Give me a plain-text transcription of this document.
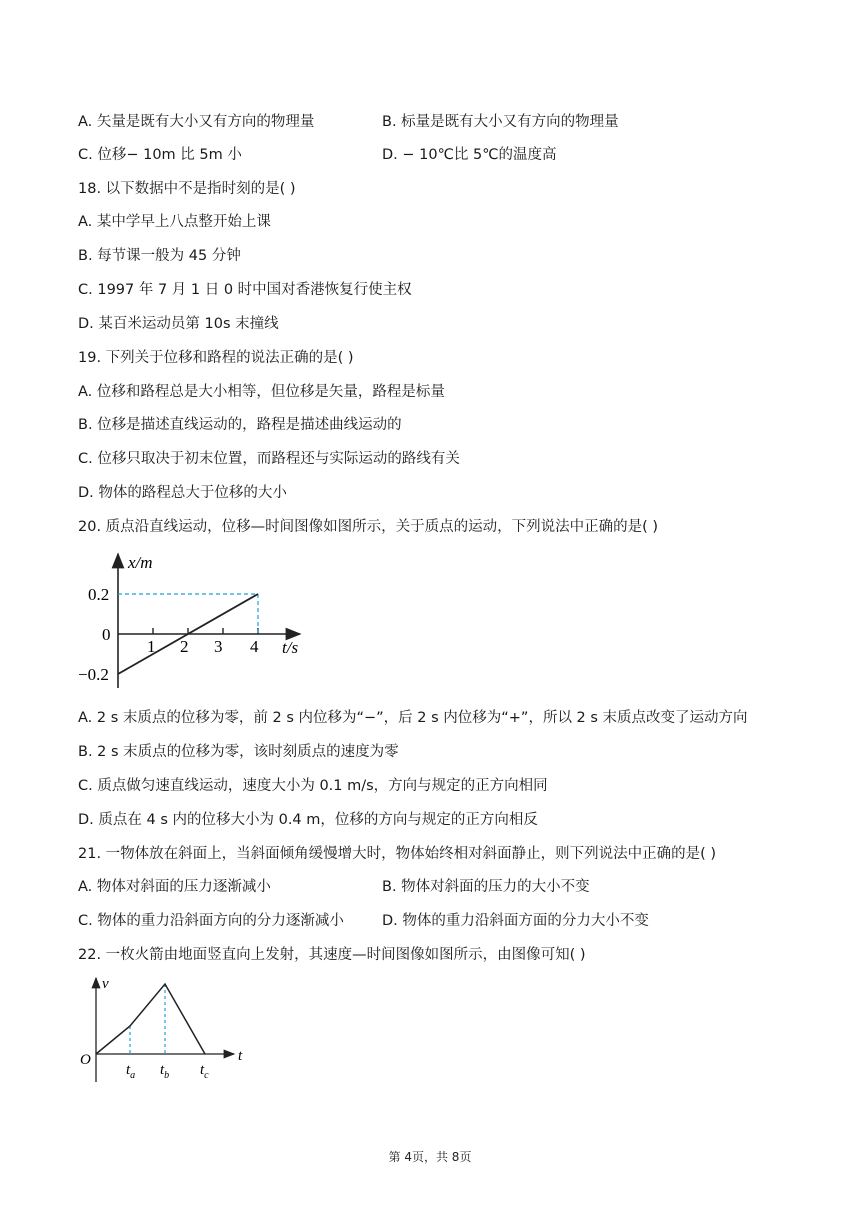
A. 矢量是既有大小又有方向的物理量	B. 标量是既有大小又有方向的物理量
C. 位移− 10m 比 5m 小	D. − 10℃比 5℃的温度高
18. 以下数据中不是指时刻的是( )
A. 某中学早上八点整开始上课
B. 每节课一般为 45 分钟
C. 1997 年 7 月 1 日 0 时中国对香港恢复行使主权
D. 某百米运动员第 10s 末撞线
19. 下列关于位移和路程的说法正确的是( )
A. 位移和路程总是大小相等，但位移是矢量，路程是标量
B. 位移是描述直线运动的，路程是描述曲线运动的
C. 位移只取决于初末位置，而路程还与实际运动的路线有关
D. 物体的路程总大于位移的大小
20. 质点沿直线运动，位移—时间图像如图所示，关于质点的运动，下列说法中正确的是( )
x/m
t/s
0.2
0
−0.2
1 2 3 4
A. 2 s 末质点的位移为零，前 2 s 内位移为“−”，后 2 s 内位移为“+”，所以 2 s 末质点改变了运动方向
B. 2 s 末质点的位移为零，该时刻质点的速度为零
C. 质点做匀速直线运动，速度大小为 0.1 m/s，方向与规定的正方向相同
D. 质点在 4 s 内的位移大小为 0.4 m，位移的方向与规定的正方向相反
21. 一物体放在斜面上，当斜面倾角缓慢增大时，物体始终相对斜面静止，则下列说法中正确的是( )
A. 物体对斜面的压力逐渐减小	B. 物体对斜面的压力的大小不变
C. 物体的重力沿斜面方向的分力逐渐减小	D. 物体的重力沿斜面方面的分力大小不变
22. 一枚火箭由地面竖直向上发射，其速度—时间图像如图所示，由图像可知( )
v
O	t
$t_a$ $t_b$ $t_c$
第 4页，共 8页
